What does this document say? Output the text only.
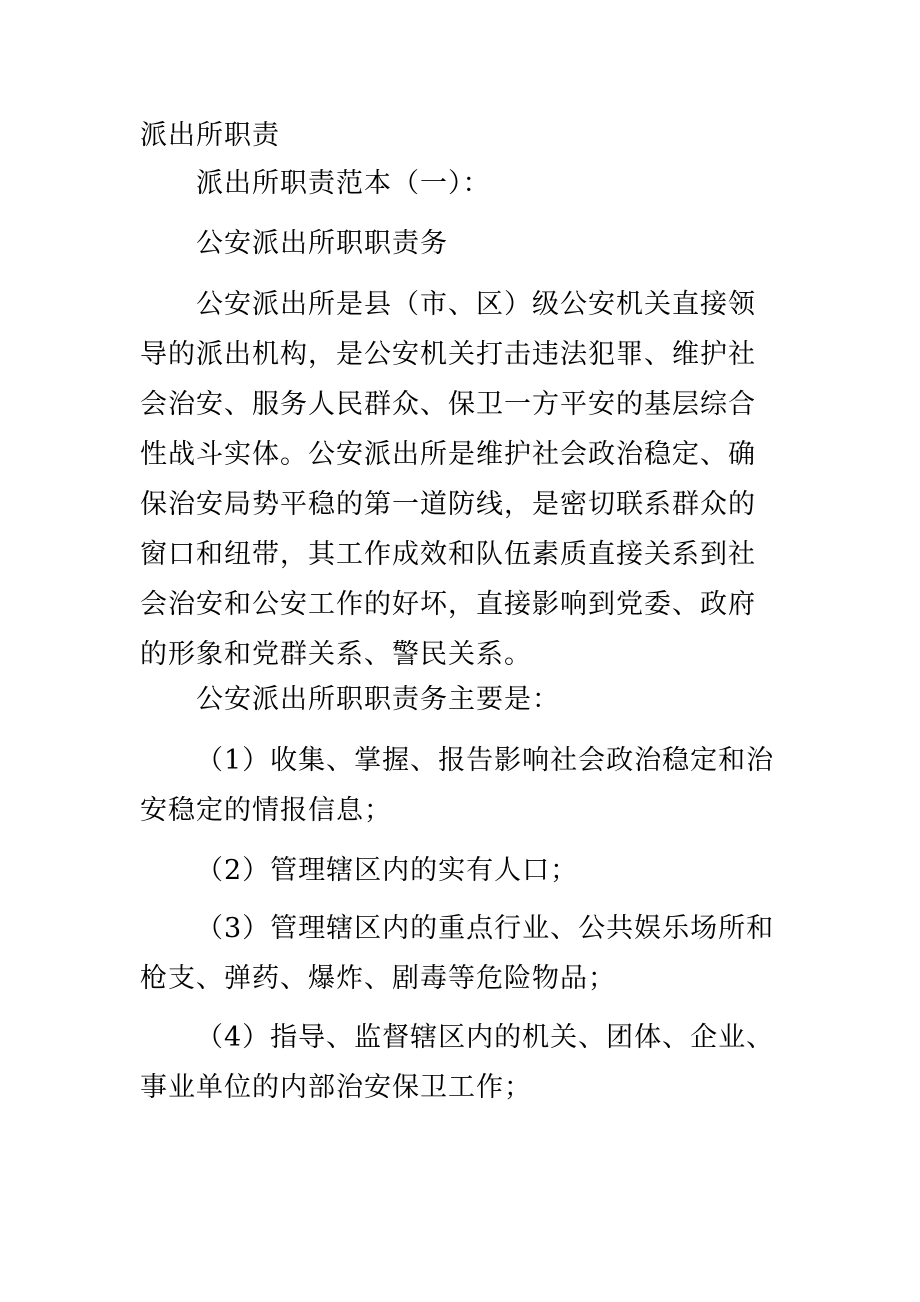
派出所职责

派出所职责范本（一）：

公安派出所职职责务

公安派出所是县（市、区）级公安机关直接领导的派出机构，是公安机关打击违法犯罪、维护社会治安、服务人民群众、保卫一方平安的基层综合性战斗实体。公安派出所是维护社会政治稳定、确保治安局势平稳的第一道防线，是密切联系群众的窗口和纽带，其工作成效和队伍素质直接关系到社会治安和公安工作的好坏，直接影响到党委、政府的形象和党群关系、警民关系。

公安派出所职职责务主要是：

（1）收集、掌握、报告影响社会政治稳定和治安稳定的情报信息；

（2）管理辖区内的实有人口；

（3）管理辖区内的重点行业、公共娱乐场所和枪支、弹药、爆炸、剧毒等危险物品；

（4）指导、监督辖区内的机关、团体、企业、事业单位的内部治安保卫工作；
